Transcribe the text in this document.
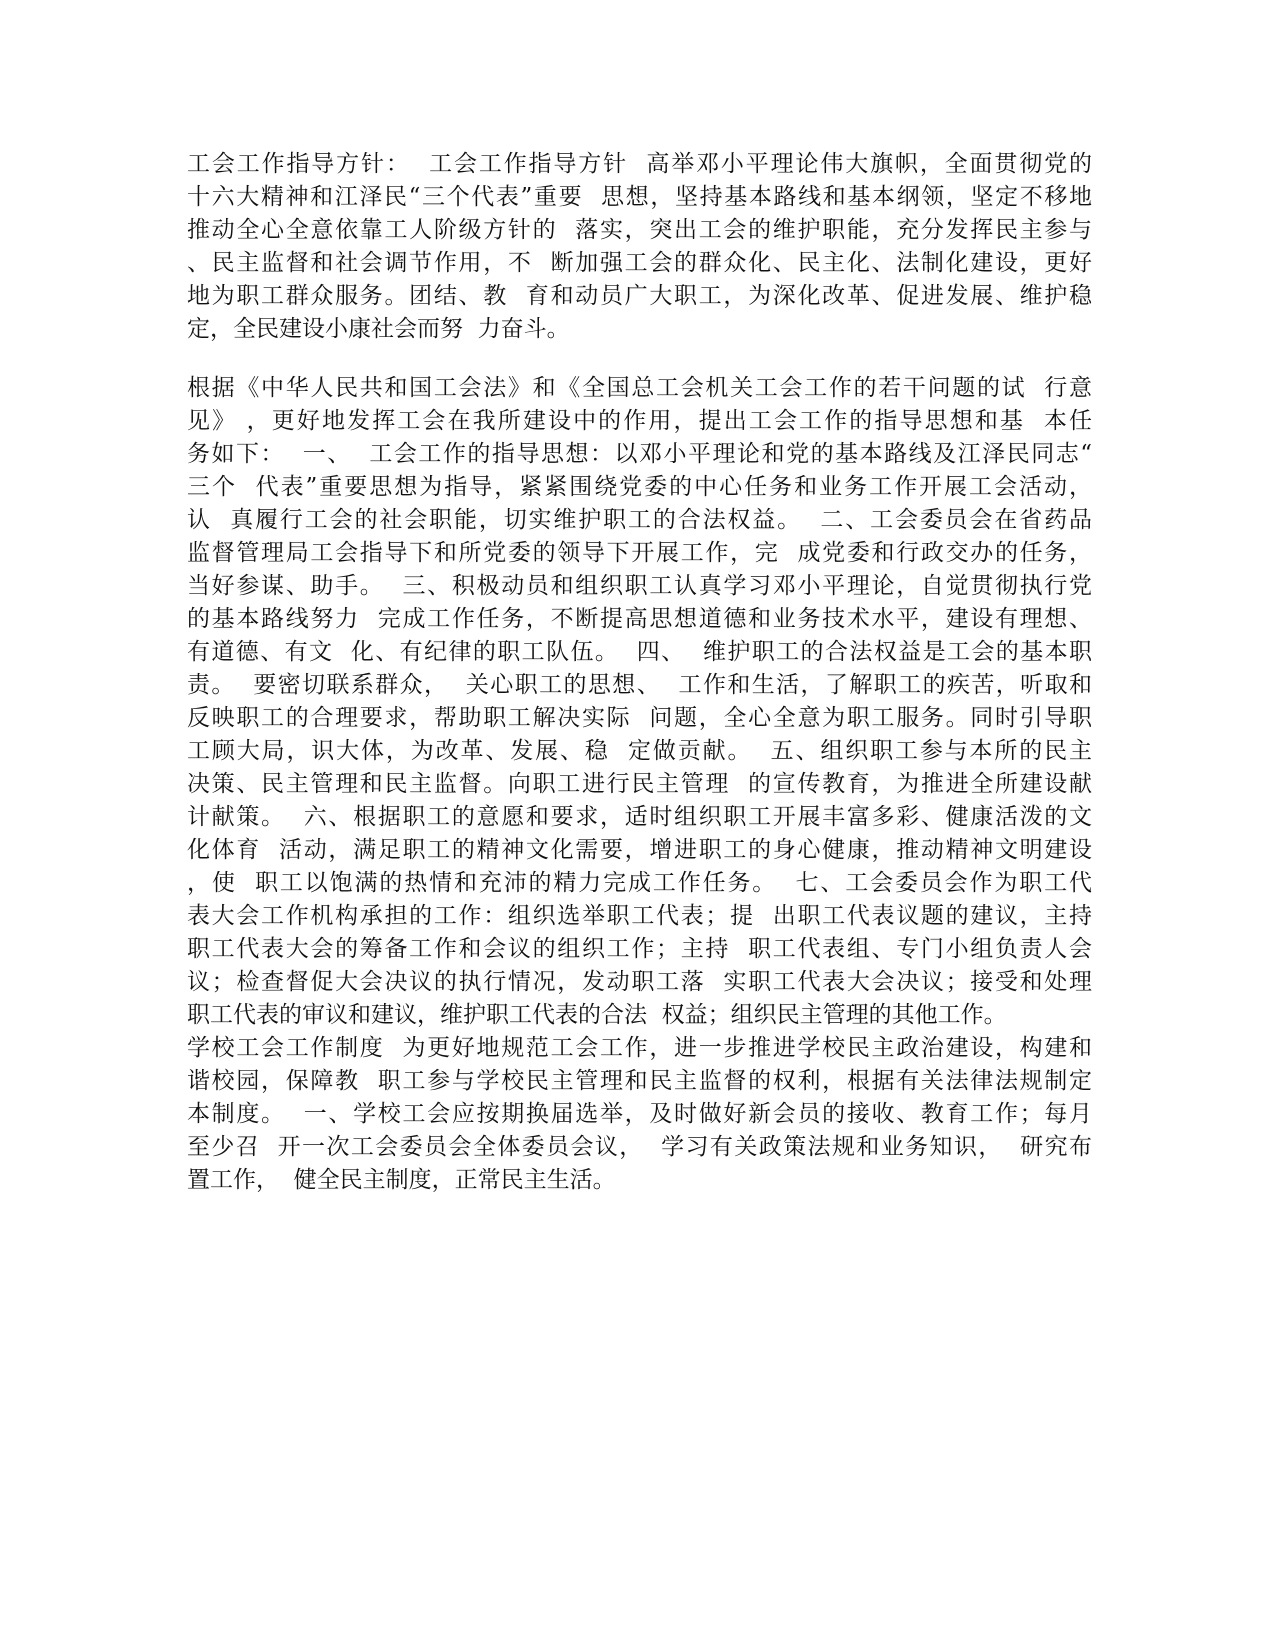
工会工作指导方针：  工会工作指导方针  高举邓小平理论伟大旗帜，全面贯彻党的
十六大精神和江泽民“三个代表”重要  思想，坚持基本路线和基本纲领，坚定不移地
推动全心全意依靠工人阶级方针的  落实，突出工会的维护职能，充分发挥民主参与
、民主监督和社会调节作用，不  断加强工会的群众化、民主化、法制化建设，更好
地为职工群众服务。团结、教  育和动员广大职工，为深化改革、促进发展、维护稳
定，全民建设小康社会而努  力奋斗。
根据《中华人民共和国工会法》和《全国总工会机关工会工作的若干问题的试  行意
见》 ，更好地发挥工会在我所建设中的作用，提出工会工作的指导思想和基  本任
务如下：  一、  工会工作的指导思想：以邓小平理论和党的基本路线及江泽民同志“
三个  代表”重要思想为指导，紧紧围绕党委的中心任务和业务工作开展工会活动，
认  真履行工会的社会职能，切实维护职工的合法权益。  二、工会委员会在省药品
监督管理局工会指导下和所党委的领导下开展工作，完  成党委和行政交办的任务，
当好参谋、助手。  三、积极动员和组织职工认真学习邓小平理论，自觉贯彻执行党
的基本路线努力  完成工作任务，不断提高思想道德和业务技术水平，建设有理想、
有道德、有文  化、有纪律的职工队伍。  四、  维护职工的合法权益是工会的基本职
责。  要密切联系群众，  关心职工的思想、  工作和生活，了解职工的疾苦，听取和
反映职工的合理要求，帮助职工解决实际  问题，全心全意为职工服务。同时引导职
工顾大局，识大体，为改革、发展、稳  定做贡献。  五、组织职工参与本所的民主
决策、民主管理和民主监督。向职工进行民主管理  的宣传教育，为推进全所建设献
计献策。  六、根据职工的意愿和要求，适时组织职工开展丰富多彩、健康活泼的文
化体育  活动，满足职工的精神文化需要，增进职工的身心健康，推动精神文明建设
，使  职工以饱满的热情和充沛的精力完成工作任务。  七、工会委员会作为职工代
表大会工作机构承担的工作：组织选举职工代表；提  出职工代表议题的建议，主持
职工代表大会的筹备工作和会议的组织工作；主持  职工代表组、专门小组负责人会
议；检查督促大会决议的执行情况，发动职工落  实职工代表大会决议；接受和处理
职工代表的审议和建议，维护职工代表的合法  权益；组织民主管理的其他工作。
学校工会工作制度  为更好地规范工会工作，进一步推进学校民主政治建设，构建和
谐校园，保障教  职工参与学校民主管理和民主监督的权利，根据有关法律法规制定
本制度。  一、学校工会应按期换届选举，及时做好新会员的接收、教育工作；每月
至少召  开一次工会委员会全体委员会议，  学习有关政策法规和业务知识，  研究布
置工作，  健全民主制度，正常民主生活。
